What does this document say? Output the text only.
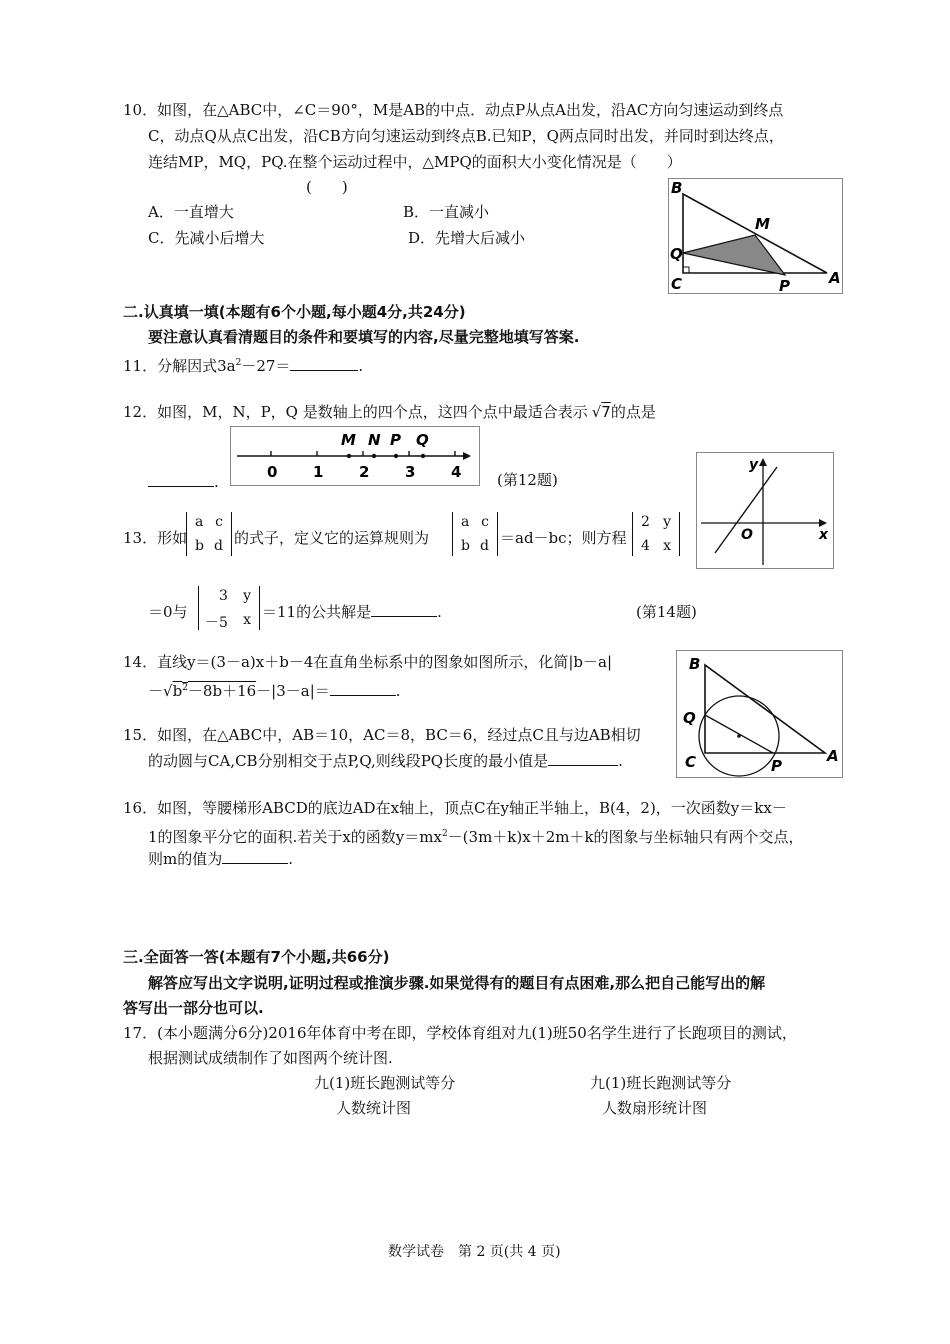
10．如图，在△ABC中，∠C＝90°，M是AB的中点．动点P从点A出发，沿AC方向匀速运动到终点
C，动点Q从点C出发，沿CB方向匀速运动到终点B.已知P，Q两点同时出发，并同时到达终点，
连结MP，MQ，PQ.在整个运动过程中，△MPQ的面积大小变化情况是（　　）
(　　)
A．一直增大	B．一直减小
C．先减小后增大	D．先增大后减小
B
M
Q
C	P	A
二.认真填一填(本题有6个小题,每小题4分,共24分)
要注意认真看清题目的条件和要填写的内容,尽量完整地填写答案.
11．分解因式$3a^2-27=$	.
12．如图，M，N，P，Q 是数轴上的四个点，这四个点中最适合表示 √7的点是
.	(第12题)
M N P Q
0 1 2 3 4	y
O	x
13．形如
a c
b d 的式子，定义它的运算规则为
a c
b d ＝ad－bc；则方程
2 y
4 x
＝0与
3 y
－5 x ＝11的公共解是	.	(第14题)
14．直线y＝(3－a)x＋b－4在直角坐标系中的图象如图所示，化简|b－a|
$-√b^2-8b+16-|3-a|=$	.
B
Q
C	P
A
15．如图，在△ABC中，AB＝10，AC＝8，BC＝6，经过点C且与边AB相切
的动圆与CA,CB分别相交于点P,Q,则线段PQ长度的最小值是	.
16．如图，等腰梯形ABCD的底边AD在x轴上，顶点C在y轴正半轴上，B(4，2)，一次函数y＝kx－
1的图象平分它的面积.若关于x的函数$y=mx^2-(3m+k)x+2m+k$的图象与坐标轴只有两个交点，
则m的值为	.
三.全面答一答(本题有7个小题,共66分)
解答应写出文字说明,证明过程或推演步骤.如果觉得有的题目有点困难,那么把自己能写出的解
答写出一部分也可以.
17．(本小题满分6分)2016年体育中考在即，学校体育组对九(1)班50名学生进行了长跑项目的测试，
根据测试成绩制作了如图两个统计图.
九(1)班长跑测试等分
人数统计图
九(1)班长跑测试等分
人数扇形统计图
数学试卷　第 2 页(共 4 页)
